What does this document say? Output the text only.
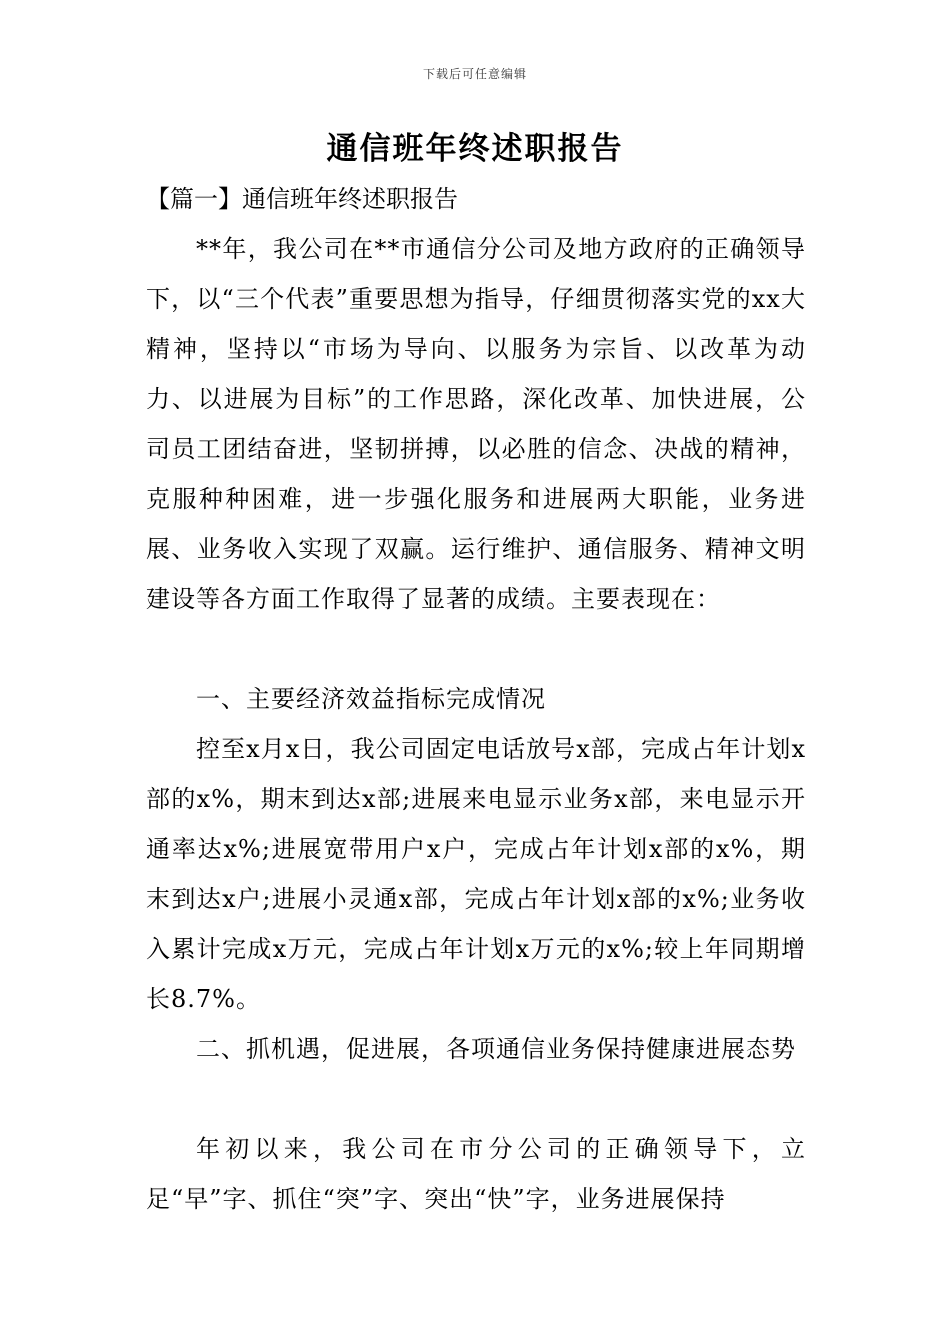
下载后可任意编辑
通信班年终述职报告
【篇一】通信班年终述职报告

**年，我公司在**市通信分公司及地方政府的正确领导下，以“三个代表”重要思想为指导，仔细贯彻落实党的xx大精神，坚持以“市场为导向、以服务为宗旨、以改革为动力、以进展为目标”的工作思路，深化改革、加快进展，公司员工团结奋进，坚韧拼搏，以必胜的信念、决战的精神，克服种种困难，进一步强化服务和进展两大职能，业务进展、业务收入实现了双赢。运行维护、通信服务、精神文明建设等各方面工作取得了显著的成绩。主要表现在：

一、主要经济效益指标完成情况

控至x月x日，我公司固定电话放号x部，完成占年计划x部的x%，期末到达x部;进展来电显示业务x部，来电显示开通率达x%;进展宽带用户x户，完成占年计划x部的x%，期末到达x户;进展小灵通x部，完成占年计划x部的x%;业务收入累计完成x万元，完成占年计划x万元的x%;较上年同期增长8.7%。

二、抓机遇，促进展，各项通信业务保持健康进展态势

年初以来，我公司在市分公司的正确领导下，立足“早”字、抓住“突”字、突出“快”字，业务进展保持
